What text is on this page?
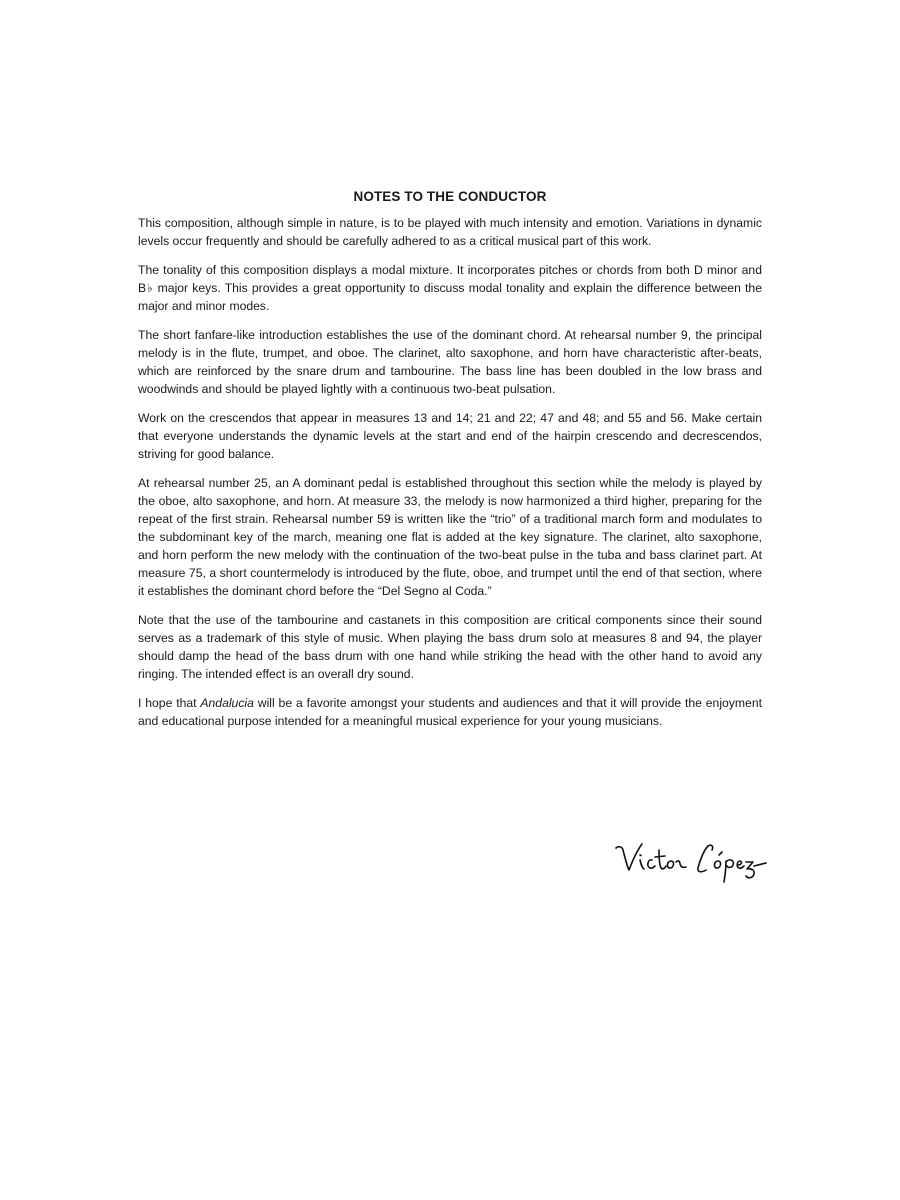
NOTES TO THE CONDUCTOR

This composition, although simple in nature, is to be played with much intensity and emotion. Variations in dynamic levels occur frequently and should be carefully adhered to as a critical musical part of this work.

The tonality of this composition displays a modal mixture. It incorporates pitches or chords from both D minor and B♭ major keys. This provides a great opportunity to discuss modal tonality and explain the difference between the major and minor modes.

The short fanfare-like introduction establishes the use of the dominant chord. At rehearsal number 9, the principal melody is in the flute, trumpet, and oboe. The clarinet, alto saxophone, and horn have characteristic after-beats, which are reinforced by the snare drum and tambourine. The bass line has been doubled in the low brass and woodwinds and should be played lightly with a continuous two-beat pulsation.

Work on the crescendos that appear in measures 13 and 14; 21 and 22; 47 and 48; and 55 and 56. Make certain that everyone understands the dynamic levels at the start and end of the hairpin crescendo and decrescendos, striving for good balance.

At rehearsal number 25, an A dominant pedal is established throughout this section while the melody is played by the oboe, alto saxophone, and horn. At measure 33, the melody is now harmonized a third higher, preparing for the repeat of the first strain. Rehearsal number 59 is written like the “trio” of a traditional march form and modulates to the subdominant key of the march, meaning one flat is added at the key signature. The clarinet, alto saxophone, and horn perform the new melody with the continuation of the two-beat pulse in the tuba and bass clarinet part. At measure 75, a short countermelody is introduced by the flute, oboe, and trumpet until the end of that section, where it establishes the dominant chord before the “Del Segno al Coda.”

Note that the use of the tambourine and castanets in this composition are critical components since their sound serves as a trademark of this style of music. When playing the bass drum solo at measures 8 and 94, the player should damp the head of the bass drum with one hand while striking the head with the other hand to avoid any ringing. The intended effect is an overall dry sound.

I hope that Andalucia will be a favorite amongst your students and audiences and that it will provide the enjoyment and educational purpose intended for a meaningful musical experience for your young musicians.
